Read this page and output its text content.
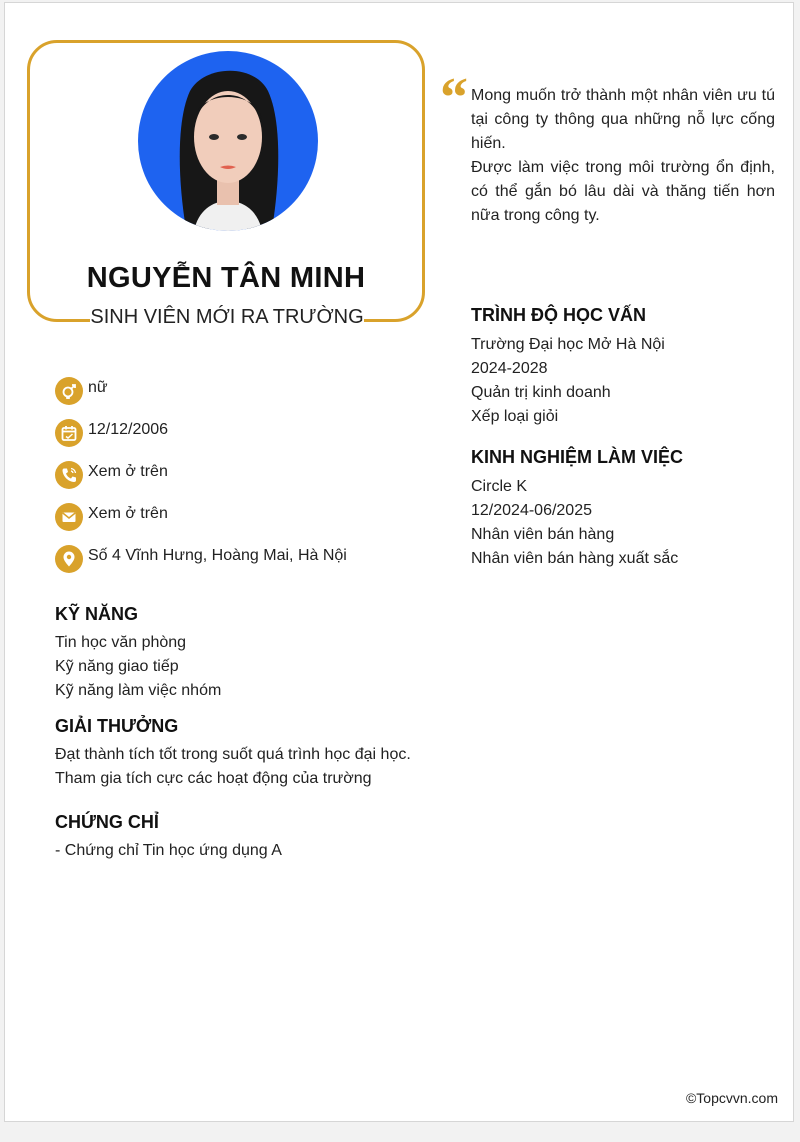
NGUYỄN TÂN MINH
SINH VIÊN MỚI RA TRƯỜNG
“ Mong muốn trở thành một nhân viên ưu tú tại công ty thông qua những nỗ lực cống hiến.

Được làm việc trong môi trường ổn định, có thể gắn bó lâu dài và thăng tiến hơn nữa trong công ty.

nữ
12/12/2006
Xem ở trên
Xem ở trên
Số 4 Vĩnh Hưng, Hoàng Mai, Hà Nội
KỸ NĂNG
Tin học văn phòng
Kỹ năng giao tiếp
Kỹ năng làm việc nhóm
GIẢI THƯỞNG
Đạt thành tích tốt trong suốt quá trình học đại học.
Tham gia tích cực các hoạt động của trường
CHỨNG CHỈ
- Chứng chỉ Tin học ứng dụng A
TRÌNH ĐỘ HỌC VẤN
Trường Đại học Mở Hà Nội
2024-2028
Quản trị kinh doanh
Xếp loại giỏi
KINH NGHIỆM LÀM VIỆC
Circle K
12/2024-06/2025
Nhân viên bán hàng
Nhân viên bán hàng xuất sắc
©Topcvvn.com
